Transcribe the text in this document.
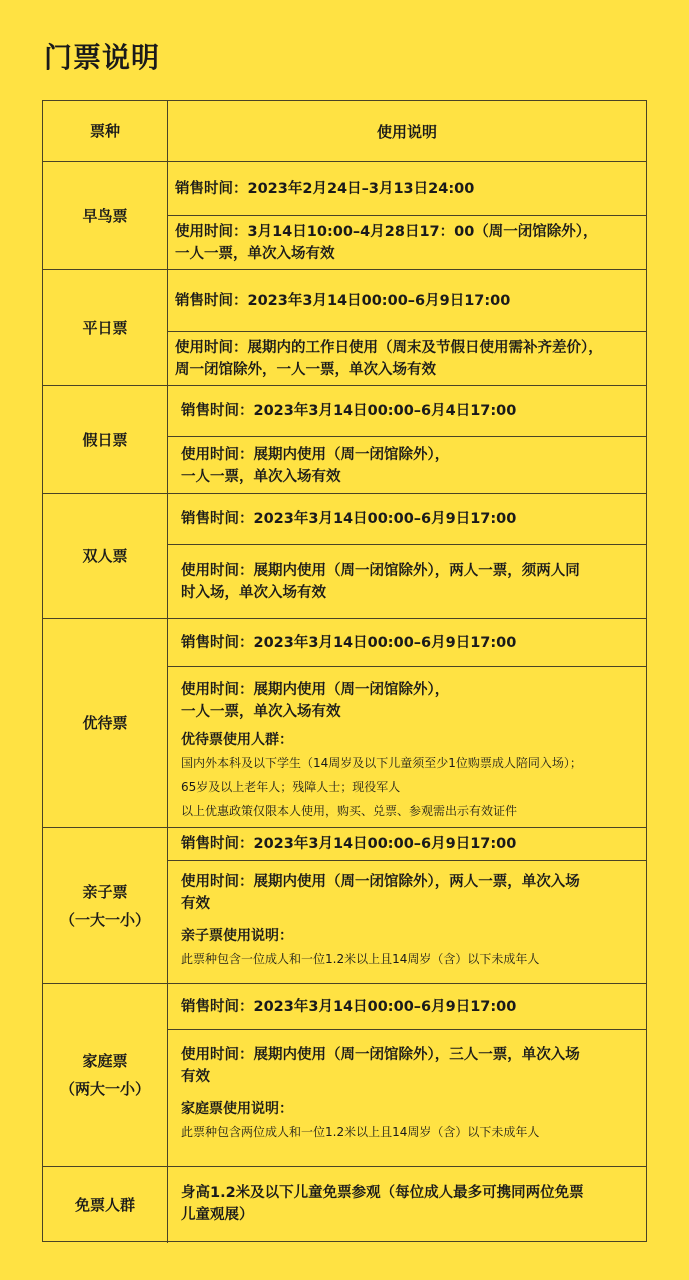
门票说明
票种	使用说明
早鸟票
销售时间：2023年2月24日–3月13日24:00
使用时间：3月14日10:00–4月28日17：00（周一闭馆除外），
一人一票，单次入场有效
平日票
销售时间：2023年3月14日00:00–6月9日17:00
使用时间：展期内的工作日使用（周末及节假日使用需补齐差价），
周一闭馆除外，一人一票，单次入场有效
假日票
销售时间：2023年3月14日00:00–6月4日17:00
使用时间：展期内使用（周一闭馆除外），
一人一票，单次入场有效
双人票
销售时间：2023年3月14日00:00–6月9日17:00
使用时间：展期内使用（周一闭馆除外），两人一票，须两人同
时入场，单次入场有效
优待票
销售时间：2023年3月14日00:00–6月9日17:00
使用时间：展期内使用（周一闭馆除外），
一人一票，单次入场有效
优待票使用人群：
国内外本科及以下学生（14周岁及以下儿童须至少1位购票成人陪同入场）；
65岁及以上老年人；残障人士；现役军人
以上优惠政策仅限本人使用，购买、兑票、参观需出示有效证件
亲子票
（一大一小）
销售时间：2023年3月14日00:00–6月9日17:00
使用时间：展期内使用（周一闭馆除外），两人一票，单次入场
有效
亲子票使用说明：
此票种包含一位成人和一位1.2米以上且14周岁（含）以下未成年人
家庭票
（两大一小）
销售时间：2023年3月14日00:00–6月9日17:00
使用时间：展期内使用（周一闭馆除外），三人一票，单次入场
有效
家庭票使用说明：
此票种包含两位成人和一位1.2米以上且14周岁（含）以下未成年人
免票人群
身高1.2米及以下儿童免票参观（每位成人最多可携同两位免票
儿童观展）
